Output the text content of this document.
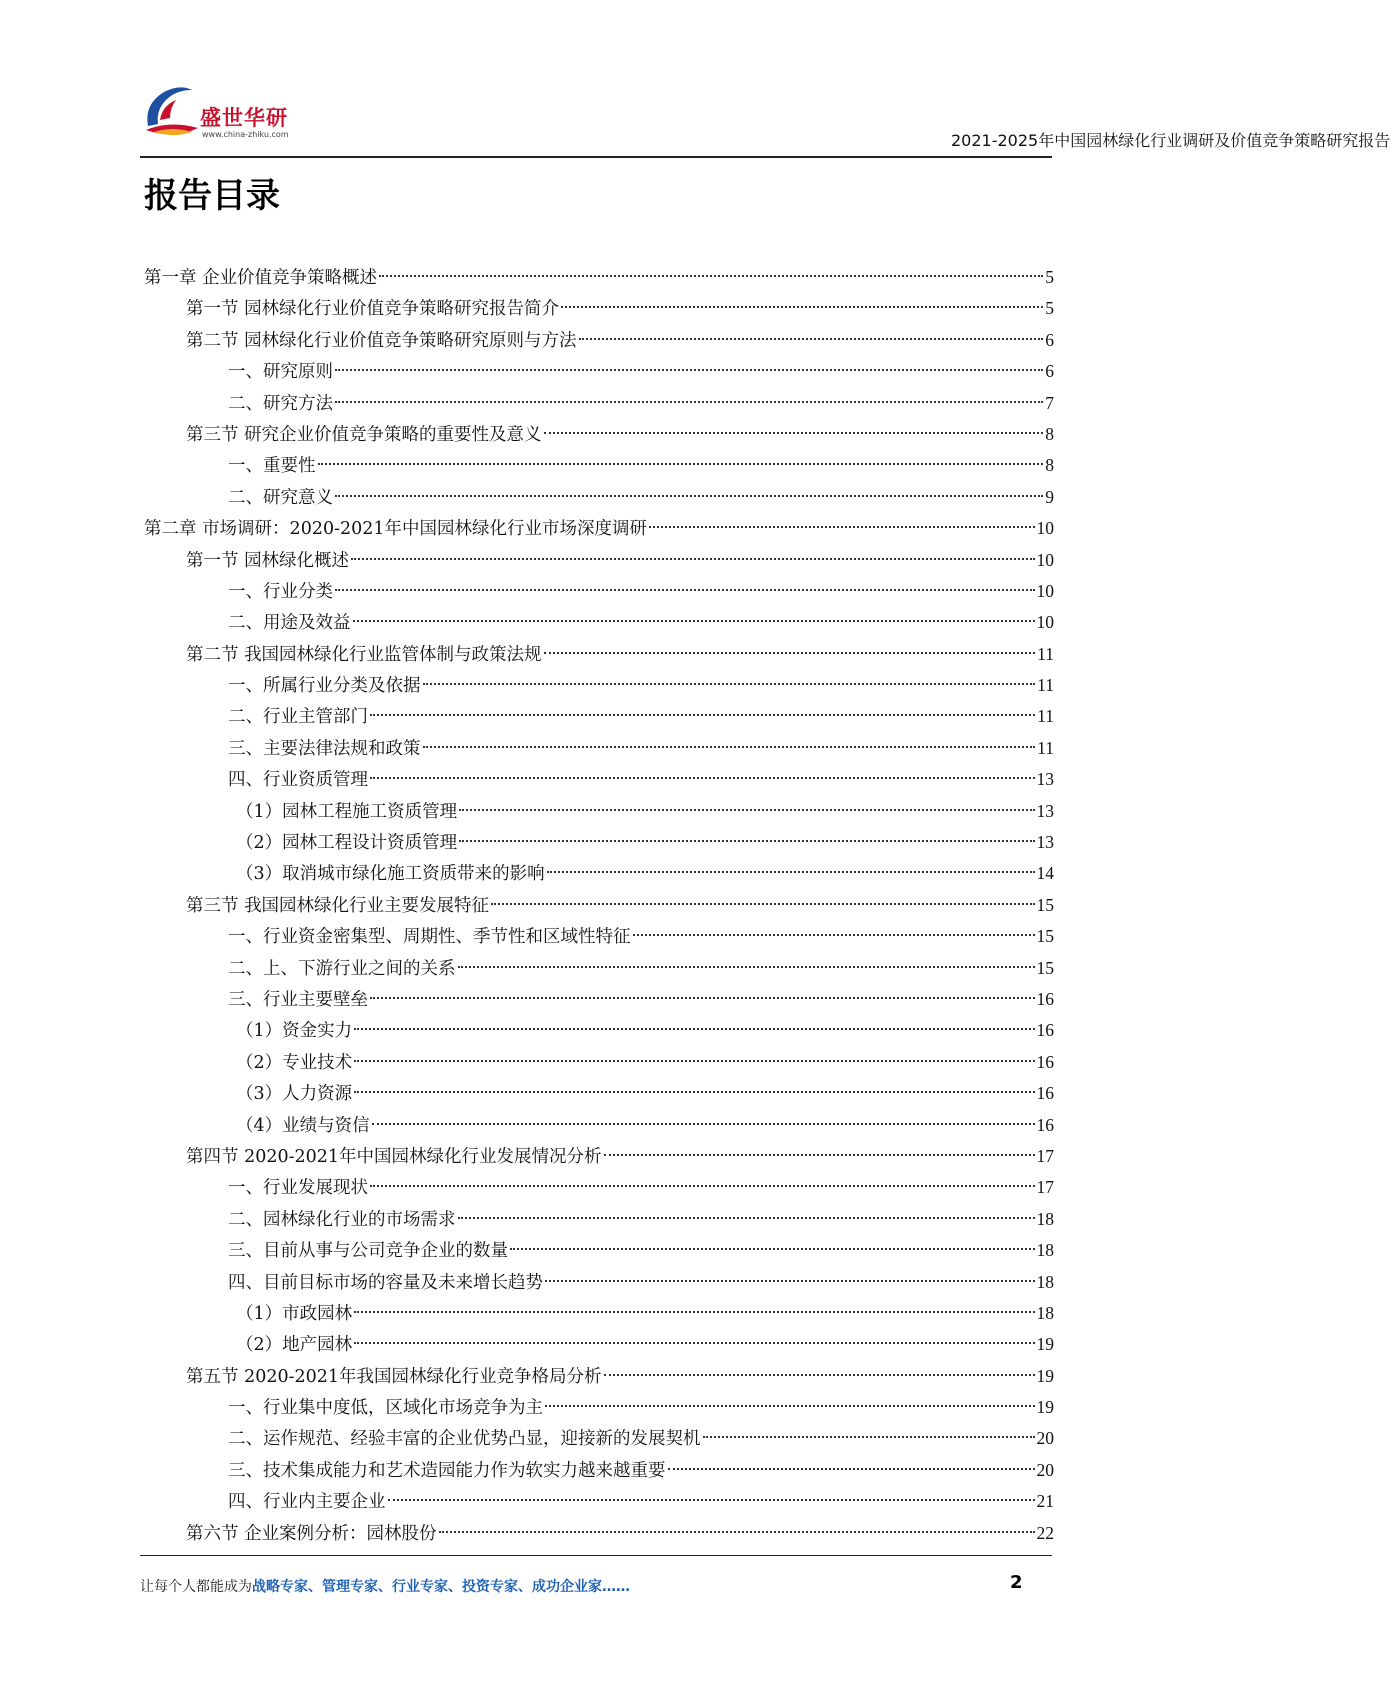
盛世华研
www.china-zhiku.com	2021-2025年中国园林绿化行业调研及价值竞争策略研究报告
报告目录
第一章 企业价值竞争策略概述	5
第一节 园林绿化行业价值竞争策略研究报告简介	5
第二节 园林绿化行业价值竞争策略研究原则与方法	6
一、研究原则	6
二、研究方法	7
第三节 研究企业价值竞争策略的重要性及意义	8
一、重要性	8
二、研究意义	9
第二章 市场调研：2020-2021年中国园林绿化行业市场深度调研	10
第一节 园林绿化概述	10
一、行业分类	10
二、用途及效益	10
第二节 我国园林绿化行业监管体制与政策法规	11
一、所属行业分类及依据	11
二、行业主管部门	11
三、主要法律法规和政策	11
四、行业资质管理	13
（1）园林工程施工资质管理	13
（2）园林工程设计资质管理	13
（3）取消城市绿化施工资质带来的影响	14
第三节 我国园林绿化行业主要发展特征	15
一、行业资金密集型、周期性、季节性和区域性特征	15
二、上、下游行业之间的关系	15
三、行业主要壁垒	16
（1）资金实力	16
（2）专业技术	16
（3）人力资源	16
（4）业绩与资信	16
第四节 2020-2021年中国园林绿化行业发展情况分析	17
一、行业发展现状	17
二、园林绿化行业的市场需求	18
三、目前从事与公司竞争企业的数量	18
四、目前目标市场的容量及未来增长趋势	18
（1）市政园林	18
（2）地产园林	19
第五节 2020-2021年我国园林绿化行业竞争格局分析	19
一、行业集中度低，区域化市场竞争为主	19
二、运作规范、经验丰富的企业优势凸显，迎接新的发展契机	20
三、技术集成能力和艺术造园能力作为软实力越来越重要	20
四、行业内主要企业	21
第六节 企业案例分析：园林股份	22
让每个人都能成为战略专家、管理专家、行业专家、投资专家、成功企业家……	2
